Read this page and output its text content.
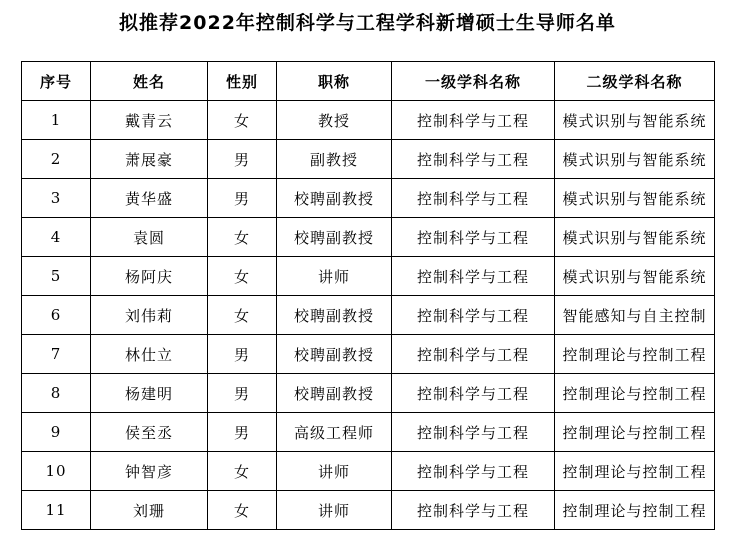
拟推荐2022年控制科学与工程学科新增硕士生导师名单
序号	姓名	性别	职称	一级学科名称	二级学科名称
1	戴青云	女	教授	控制科学与工程	模式识别与智能系统
2	萧展豪	男	副教授	控制科学与工程	模式识别与智能系统
3	黄华盛	男	校聘副教授	控制科学与工程	模式识别与智能系统
4	袁圆	女	校聘副教授	控制科学与工程	模式识别与智能系统
5	杨阿庆	女	讲师	控制科学与工程	模式识别与智能系统
6	刘伟莉	女	校聘副教授	控制科学与工程	智能感知与自主控制
7	林仕立	男	校聘副教授	控制科学与工程	控制理论与控制工程
8	杨建明	男	校聘副教授	控制科学与工程	控制理论与控制工程
9	侯至丞	男	高级工程师	控制科学与工程	控制理论与控制工程
10	钟智彦	女	讲师	控制科学与工程	控制理论与控制工程
11	刘珊	女	讲师	控制科学与工程	控制理论与控制工程
